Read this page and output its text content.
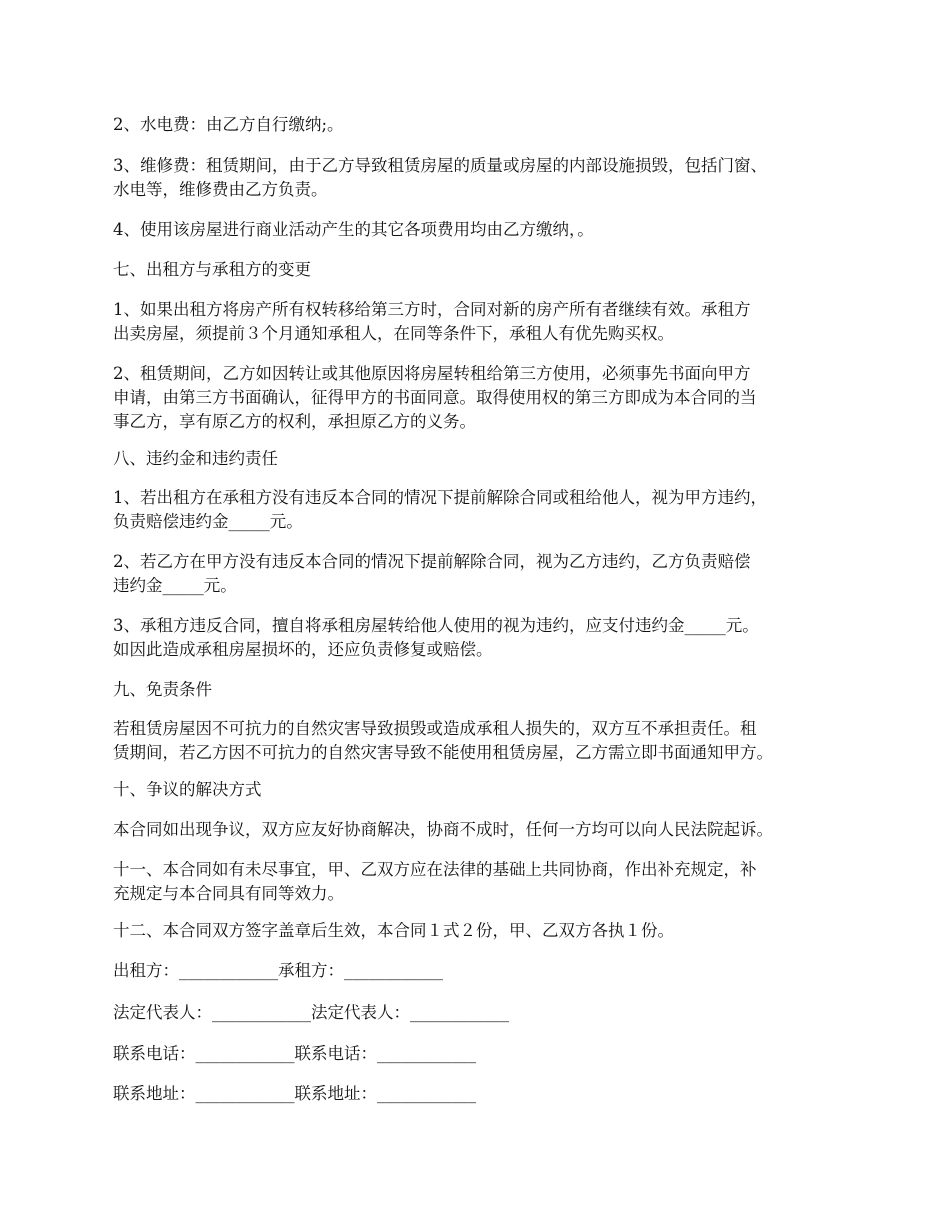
2、水电费：由乙方自行缴纳;。

3、维修费：租赁期间，由于乙方导致租赁房屋的质量或房屋的内部设施损毁，包括门窗、
水电等，维修费由乙方负责。

4、使用该房屋进行商业活动产生的其它各项费用均由乙方缴纳，。

七、出租方与承租方的变更

1、如果出租方将房产所有权转移给第三方时，合同对新的房产所有者继续有效。承租方
出卖房屋，须提前３个月通知承租人，在同等条件下，承租人有优先购买权。

2、租赁期间，乙方如因转让或其他原因将房屋转租给第三方使用，必须事先书面向甲方
申请，由第三方书面确认，征得甲方的书面同意。取得使用权的第三方即成为本合同的当
事乙方，享有原乙方的权利，承担原乙方的义务。

八、违约金和违约责任

1、若出租方在承租方没有违反本合同的情况下提前解除合同或租给他人，视为甲方违约，
负责赔偿违约金_____元。

2、若乙方在甲方没有违反本合同的情况下提前解除合同，视为乙方违约，乙方负责赔偿
违约金_____元。

3、承租方违反合同，擅自将承租房屋转给他人使用的视为违约，应支付违约金_____元。
如因此造成承租房屋损坏的，还应负责修复或赔偿。

九、免责条件

若租赁房屋因不可抗力的自然灾害导致损毁或造成承租人损失的，双方互不承担责任。租
赁期间，若乙方因不可抗力的自然灾害导致不能使用租赁房屋，乙方需立即书面通知甲方。

十、争议的解决方式

本合同如出现争议，双方应友好协商解决，协商不成时，任何一方均可以向人民法院起诉。

十一、本合同如有未尽事宜，甲、乙双方应在法律的基础上共同协商，作出补充规定，补
充规定与本合同具有同等效力。

十二、本合同双方签字盖章后生效，本合同１式２份，甲、乙双方各执１份。

出租方：____________承租方：____________

法定代表人：____________法定代表人：____________

联系电话：____________联系电话：____________

联系地址：____________联系地址：____________
